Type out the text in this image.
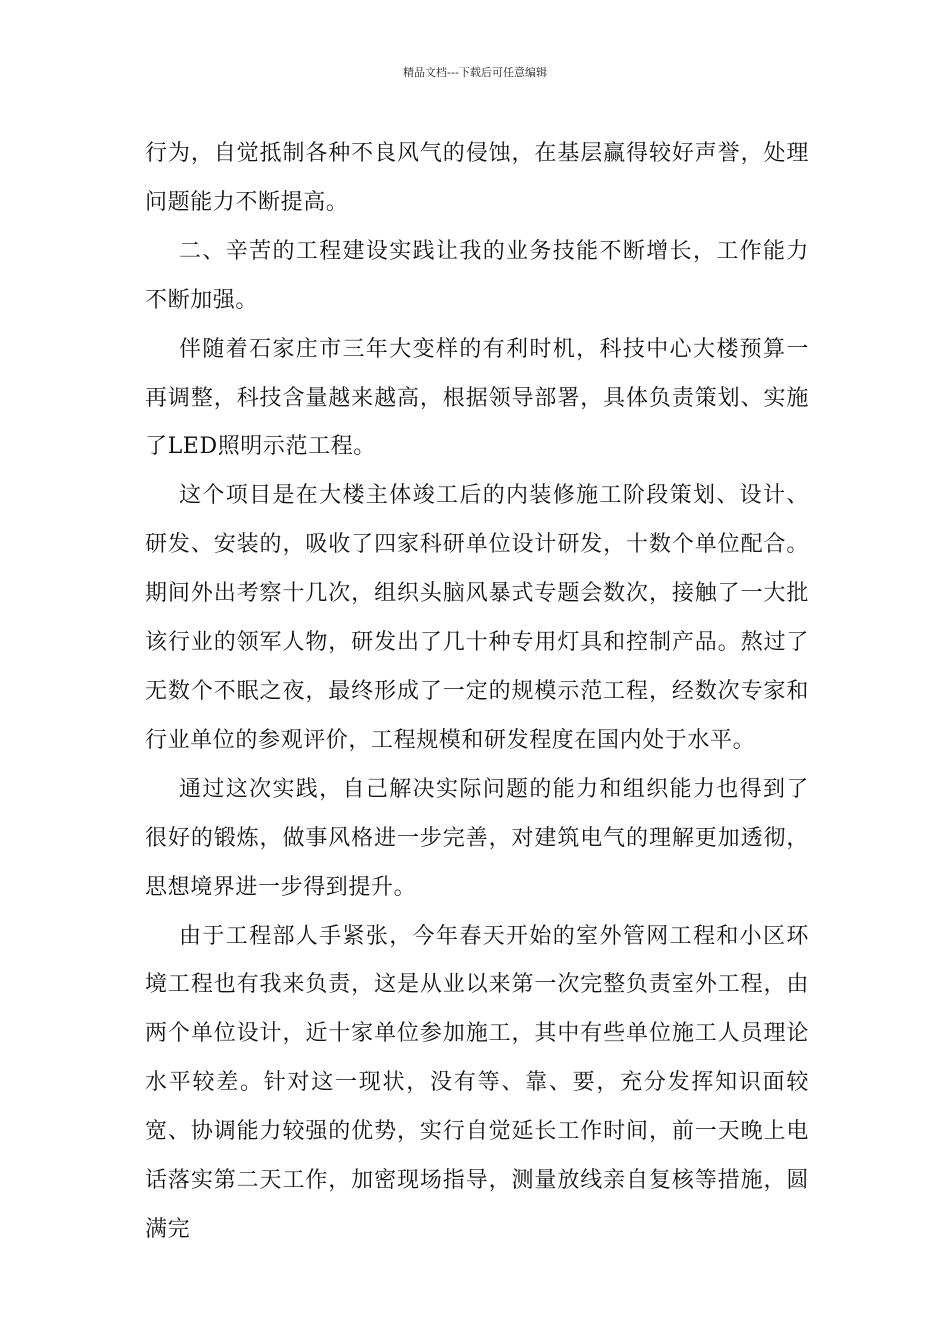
精品文档---下载后可任意编辑

行为，自觉抵制各种不良风气的侵蚀，在基层赢得较好声誉，处理问题能力不断提高。

二、辛苦的工程建设实践让我的业务技能不断增长，工作能力不断加强。

伴随着石家庄市三年大变样的有利时机，科技中心大楼预算一再调整，科技含量越来越高，根据领导部署，具体负责策划、实施了LED照明示范工程。

这个项目是在大楼主体竣工后的内装修施工阶段策划、设计、研发、安装的，吸收了四家科研单位设计研发，十数个单位配合。期间外出考察十几次，组织头脑风暴式专题会数次，接触了一大批该行业的领军人物，研发出了几十种专用灯具和控制产品。熬过了无数个不眠之夜，最终形成了一定的规模示范工程，经数次专家和行业单位的参观评价，工程规模和研发程度在国内处于水平。

通过这次实践，自己解决实际问题的能力和组织能力也得到了很好的锻炼，做事风格进一步完善，对建筑电气的理解更加透彻，思想境界进一步得到提升。

由于工程部人手紧张，今年春天开始的室外管网工程和小区环境工程也有我来负责，这是从业以来第一次完整负责室外工程，由两个单位设计，近十家单位参加施工，其中有些单位施工人员理论水平较差。针对这一现状，没有等、靠、要，充分发挥知识面较宽、协调能力较强的优势，实行自觉延长工作时间，前一天晚上电话落实第二天工作，加密现场指导，测量放线亲自复核等措施，圆满完
